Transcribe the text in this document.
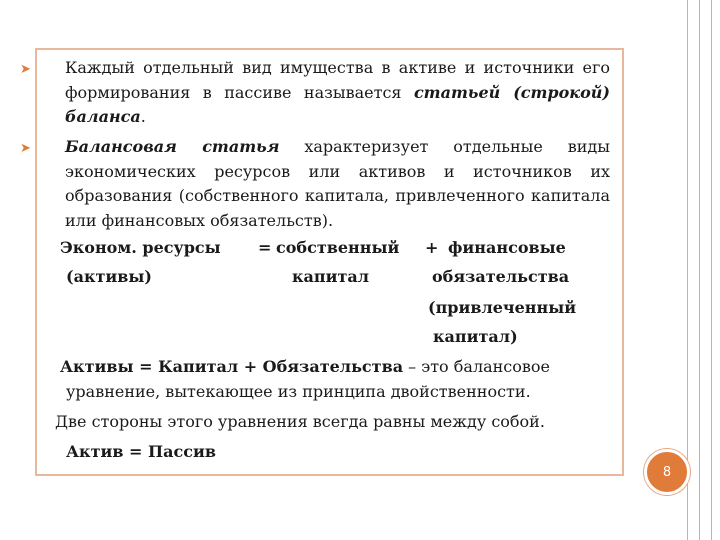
➤ Каждый отдельный вид имущества в активе и источники его формирования в пассиве называется статьей (строкой) баланса.
➤ Балансовая статья характеризует отдельные виды экономических ресурсов или активов и источников их образования (собственного капитала, привлеченного капитала или финансовых обязательств).
Эконом. ресурсы = собственный + финансовые
(активы)	капитал	обязательства
(привлеченный
капитал)
Активы = Капитал + Обязательства – это балансовое
уравнение, вытекающее из принципа двойственности.
Две стороны этого уравнения всегда равны между собой.
Актив = Пассив
8
